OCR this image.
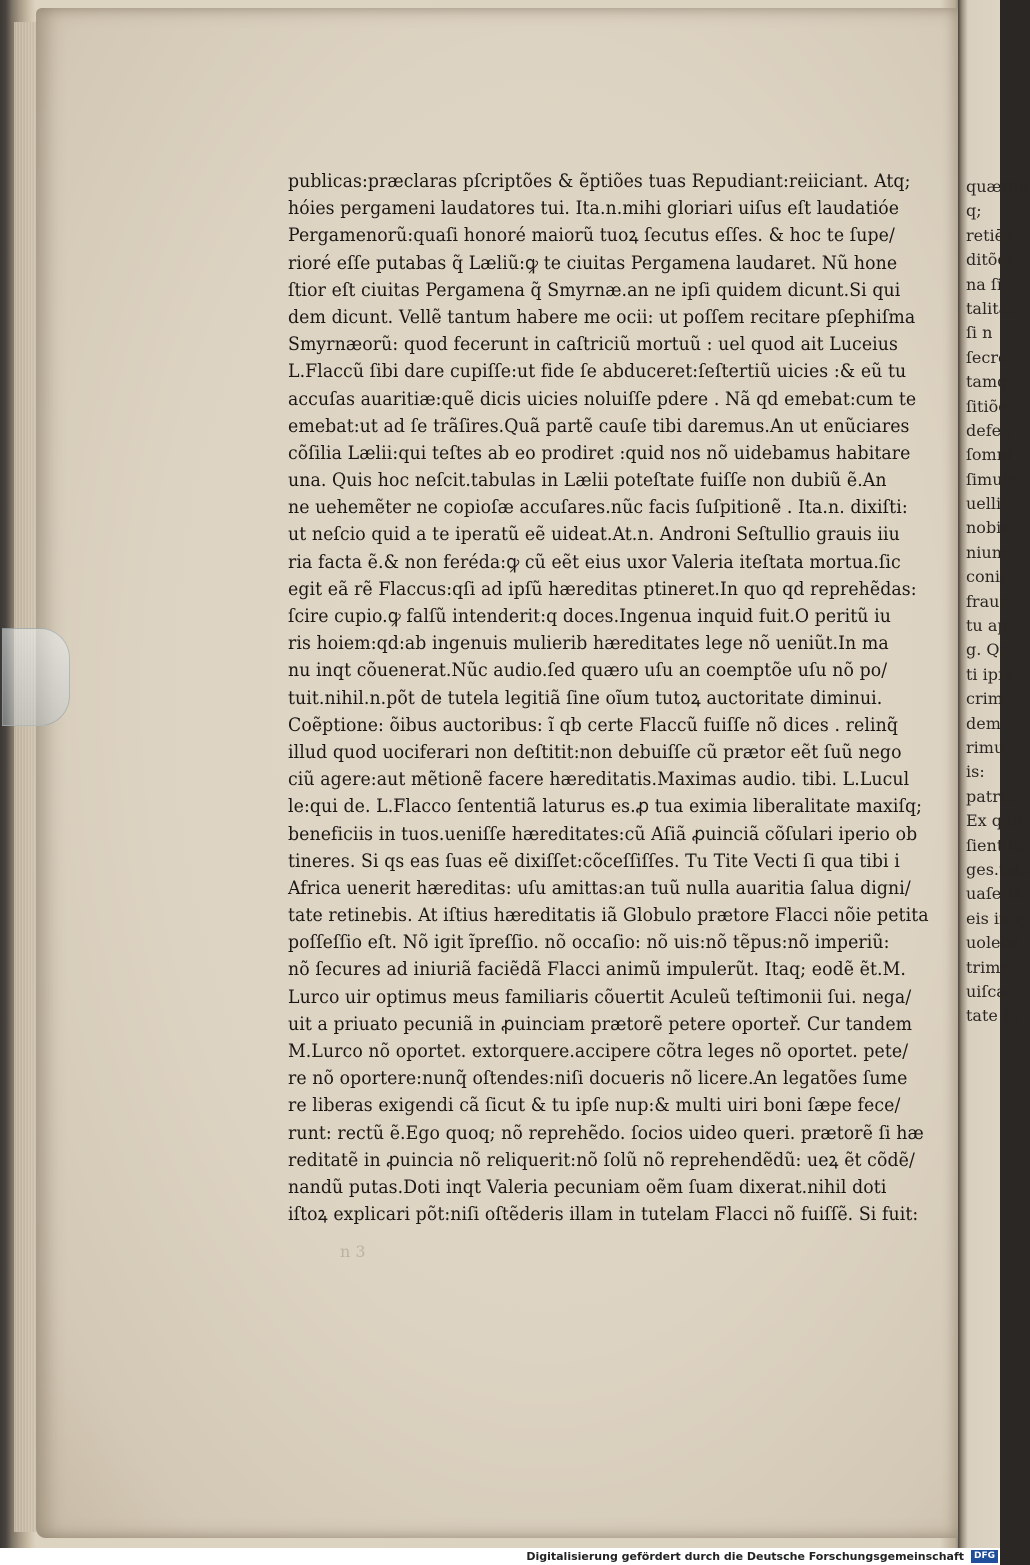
publicas:præclaras pſcriptões & ẽptiões tuas Repudiant:reiiciant. Atq;
hóies pergameni laudatores tui. Ita.n.mihi gloriari uiſus eſt laudatióe
Pergamenorũ:quaſi honoré maiorũ tuoꝝ ſecutus eſſes. & hoc te ſupe/
rioré eſſe putabas q̃ Læliũ:ꝙ te ciuitas Pergamena laudaret. Nũ hone
ſtior eſt ciuitas Pergamena q̃ Smyrnæ.an ne ipſi quidem dicunt.Si qui
dem dicunt. Vellẽ tantum habere me ocii: ut poſſem recitare pſephiſma
Smyrnæorũ: quod fecerunt in caſtriciũ mortuũ : uel quod ait Luceius
L.Flaccũ ſibi dare cupiſſe:ut fide ſe abduceret:ſeſtertiũ uicies :& eũ tu
accuſas auaritiæ:quẽ dicis uicies noluiſſe pdere . Nã qd emebat:cum te
emebat:ut ad ſe trãſires.Quã partẽ cauſe tibi daremus.An ut enũciares
cõſilia Lælii:qui teſtes ab eo prodiret :quid nos nõ uidebamus habitare
una. Quis hoc neſcit.tabulas in Lælii poteſtate fuiſſe non dubiũ ẽ.An
ne uehemẽter ne copioſæ accuſares.nũc facis ſuſpitionẽ . Ita.n. dixiſti:
ut neſcio quid a te iperatũ eẽ uideat.At.n. Androni Seſtullio grauis iiu
ria facta ẽ.& non feréda:ꝙ cũ eẽt eius uxor Valeria iteſtata mortua.ſic
egit eã rẽ Flaccus:qſi ad ipſũ hæreditas ptineret.In quo qd reprehẽdas:
ſcire cupio.ꝙ falſũ intenderit:q doces.Ingenua inquid fuit.O peritũ iu
ris hoiem:qd:ab ingenuis mulierib hæreditates lege nõ ueniũt.In ma
nu inqt cõuenerat.Nũc audio.ſed quæro uſu an coemptõe uſu nõ po/
tuit.nihil.n.põt de tutela legitiã ſine oĩum tutoꝝ auctoritate diminui.
Coẽptione: õibus auctoribus: ĩ qb certe Flaccũ fuiſſe nõ dices . relinq̃
illud quod uociferari non deſtitit:non debuiſſe cũ prætor eẽt ſuũ nego
ciũ agere:aut mẽtionẽ facere hæreditatis.Maximas audio. tibi. L.Lucul
le:qui de. L.Flacco ſententiã laturus es.ꝓ tua eximia liberalitate maxiſq;
beneficiis in tuos.ueniſſe hæreditates:cũ Aſiã ꝓuinciã cõſulari iperio ob
tineres. Si qs eas ſuas eẽ dixiſſet:cõceſſiſſes. Tu Tite Vecti ſi qua tibi i
Africa uenerit hæreditas: uſu amittas:an tuũ nulla auaritia ſalua digni/
tate retinebis. At iſtius hæreditatis iã Globulo prætore Flacci nõie petita
poſſeſſio eſt. Nõ igit ĩpreſſio. nõ occaſio: nõ uis:nõ tẽpus:nõ imperiũ:
nõ ſecures ad iniuriã faciẽdã Flacci animũ impulerũt. Itaq; eodẽ ẽt.M.
Lurco uir optimus meus familiaris cõuertit Aculeũ teſtimonii ſui. nega/
uit a priuato pecuniã in ꝓuinciam prætorẽ petere oporteř. Cur tandem
M.Lurco nõ oportet. extorquere.accipere cõtra leges nõ oportet. pete/
re nõ oportere:nunq̃ oſtendes:niſi docueris nõ licere.An legatões ſume
re liberas exigendi cã ſicut & tu ipſe nup:& multi uiri boni ſæpe fece/
runt: rectũ ẽ.Ego quoq; nõ reprehẽdo. ſocios uideo queri. prætorẽ ſi hæ
reditatẽ in ꝓuincia nõ reliquerit:nõ ſolũ nõ reprehendẽdũ: ueꝝ ẽt cõdẽ/
nandũ putas.Doti inqt Valeria pecuniam oẽm ſuam dixerat.nihil doti
iſtoꝝ explicari põt:niſi oſtẽderis illam in tutelam Flacci nõ fuiſſẽ. Si fuit:
n 3
quæſtio
q;
retiēs
ditões
na ſi
talitas
ſi n
ſecre
tamq
ſitiõe
defen
ſomni
ſimulc
uelli
nobis
nium
coniſ
fraus
tu ap
g. Qu
ti ipſe
crim
dem
rimu
is:
patrin
Ex quo
ſient in
ges.tale
uaſerit
eis in q
uolebe
trimo
uiſca
tate tu
Digitalisierung gefördert durch die Deutsche Forschungsgemeinschaft	DFG
